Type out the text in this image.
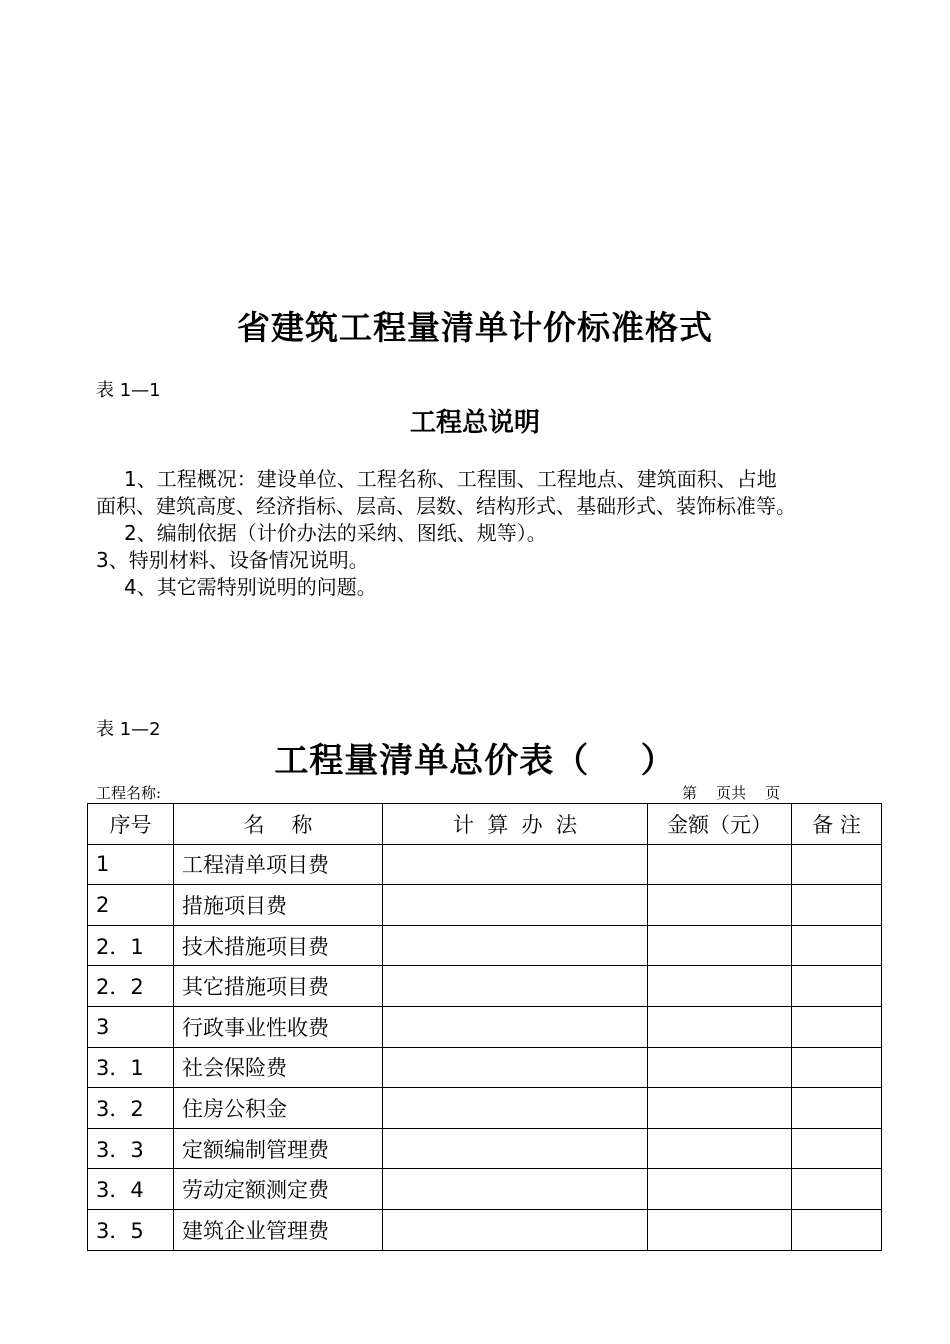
省建筑工程量清单计价标准格式
表 1—1
工程总说明
1、工程概况：建设单位、工程名称、工程围、工程地点、建筑面积、占地
面积、建筑高度、经济指标、层高、层数、结构形式、基础形式、装饰标准等。
2、编制依据（计价办法的采纳、图纸、规等）。
3、特别材料、设备情况说明。
4、其它需特别说明的问题。
表 1—2
工程量清单总价表（    ）
工程名称:	第    页共    页
序号	名    称	计  算  办  法	金额（元）	备 注
1	工程清单项目费			
2	措施项目费			
2．1	技术措施项目费			
2．2	其它措施项目费			
3	行政事业性收费			
3．1	社会保险费			
3．2	住房公积金			
3．3	定额编制管理费			
3．4	劳动定额测定费			
3．5	建筑企业管理费			
